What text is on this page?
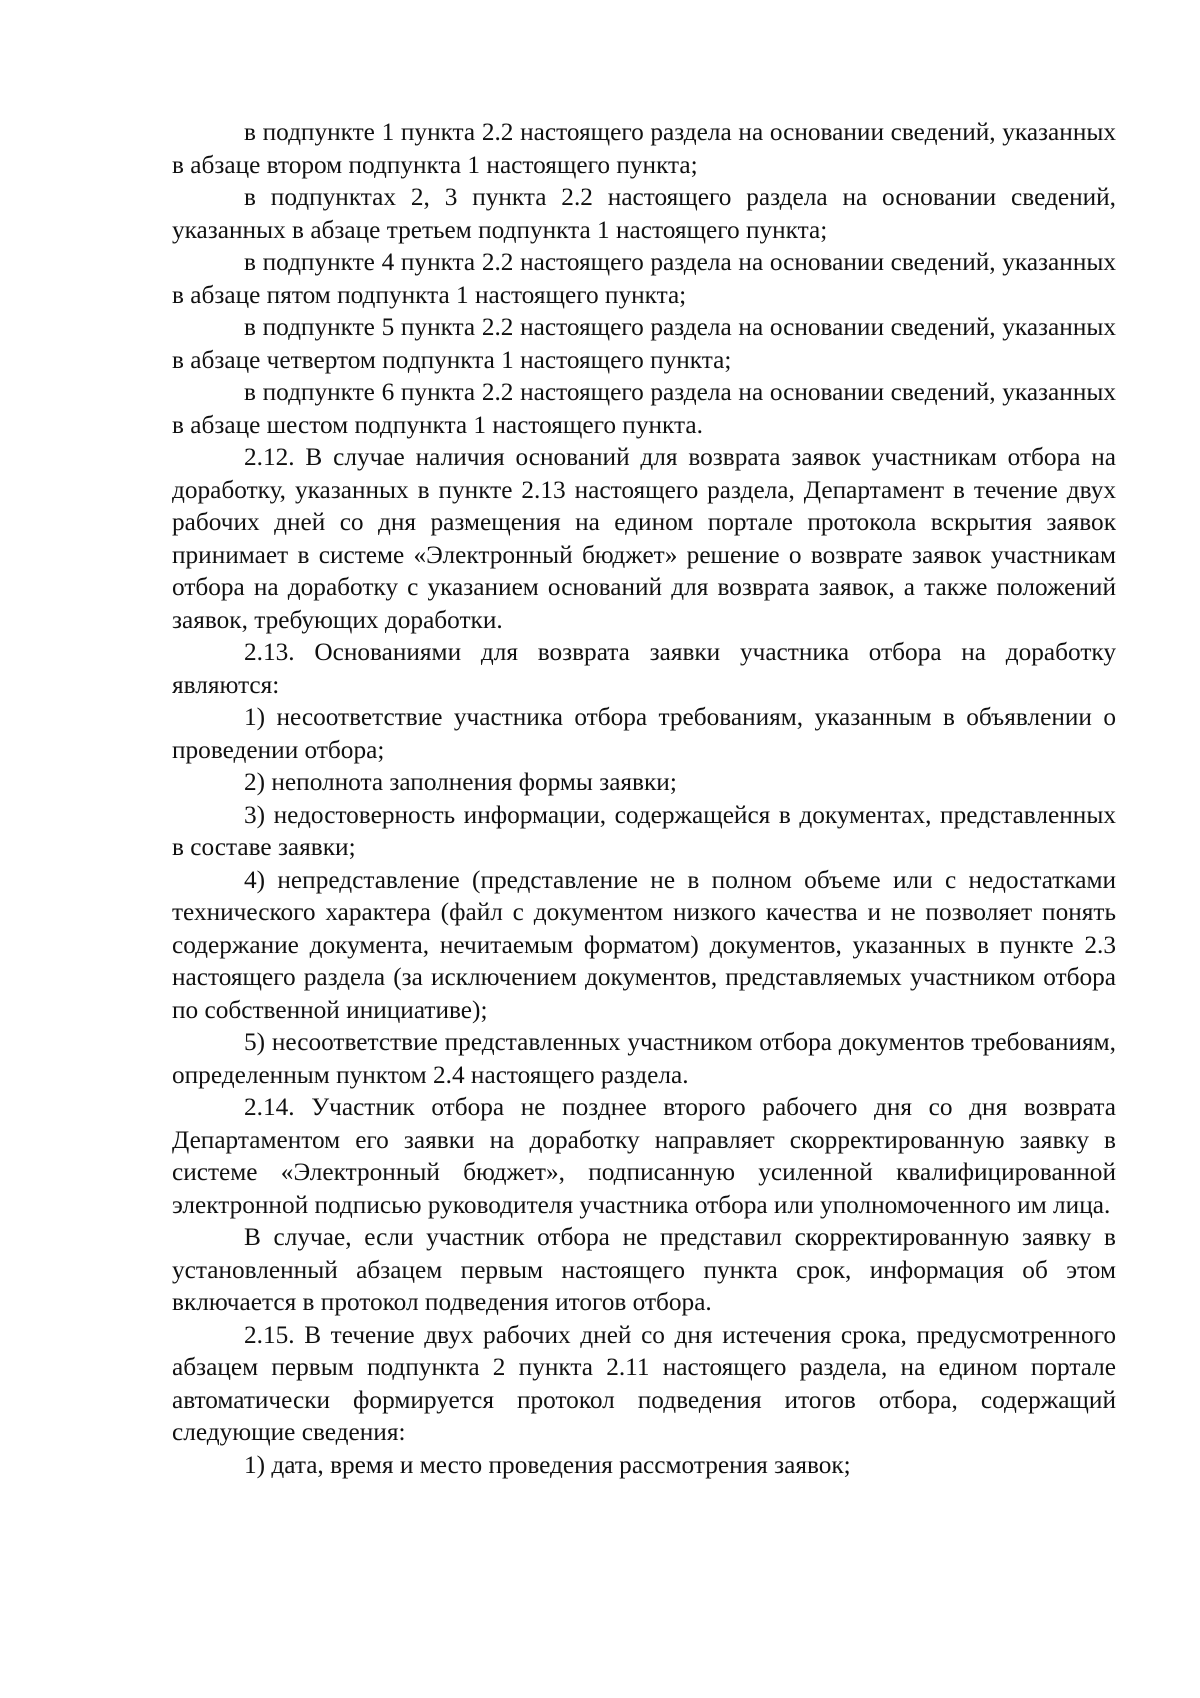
в подпункте 1 пункта 2.2 настоящего раздела на основании сведений, указанных в абзаце втором подпункта 1 настоящего пункта;

в подпунктах 2, 3 пункта 2.2 настоящего раздела на основании сведений, указанных в абзаце третьем подпункта 1 настоящего пункта;

в подпункте 4 пункта 2.2 настоящего раздела на основании сведений, указанных в абзаце пятом подпункта 1 настоящего пункта;

в подпункте 5 пункта 2.2 настоящего раздела на основании сведений, указанных в абзаце четвертом подпункта 1 настоящего пункта;

в подпункте 6 пункта 2.2 настоящего раздела на основании сведений, указанных в абзаце шестом подпункта 1 настоящего пункта.

2.12. В случае наличия оснований для возврата заявок участникам отбора на доработку, указанных в пункте 2.13 настоящего раздела, Департамент в течение двух рабочих дней со дня размещения на едином портале протокола вскрытия заявок принимает в системе «Электронный бюджет» решение о возврате заявок участникам отбора на доработку с указанием оснований для возврата заявок, а также положений заявок, требующих доработки.

2.13. Основаниями для возврата заявки участника отбора на доработку являются:

1) несоответствие участника отбора требованиям, указанным в объявлении о проведении отбора;

2) неполнота заполнения формы заявки;

3) недостоверность информации, содержащейся в документах, представленных в составе заявки;

4) непредставление (представление не в полном объеме или с недостатками технического характера (файл с документом низкого качества и не позволяет понять содержание документа, нечитаемым форматом) документов, указанных в пункте 2.3 настоящего раздела (за исключением документов, представляемых участником отбора по собственной инициативе);

5) несоответствие представленных участником отбора документов требованиям, определенным пунктом 2.4 настоящего раздела.

2.14. Участник отбора не позднее второго рабочего дня со дня возврата Департаментом его заявки на доработку направляет скорректированную заявку в системе «Электронный бюджет», подписанную усиленной квалифицированной электронной подписью руководителя участника отбора или уполномоченного им лица.

В случае, если участник отбора не представил скорректированную заявку в установленный абзацем первым настоящего пункта срок, информация об этом включается в протокол подведения итогов отбора.

2.15. В течение двух рабочих дней со дня истечения срока, предусмотренного абзацем первым подпункта 2 пункта 2.11 настоящего раздела, на едином портале автоматически формируется протокол подведения итогов отбора, содержащий следующие сведения:

1) дата, время и место проведения рассмотрения заявок;
